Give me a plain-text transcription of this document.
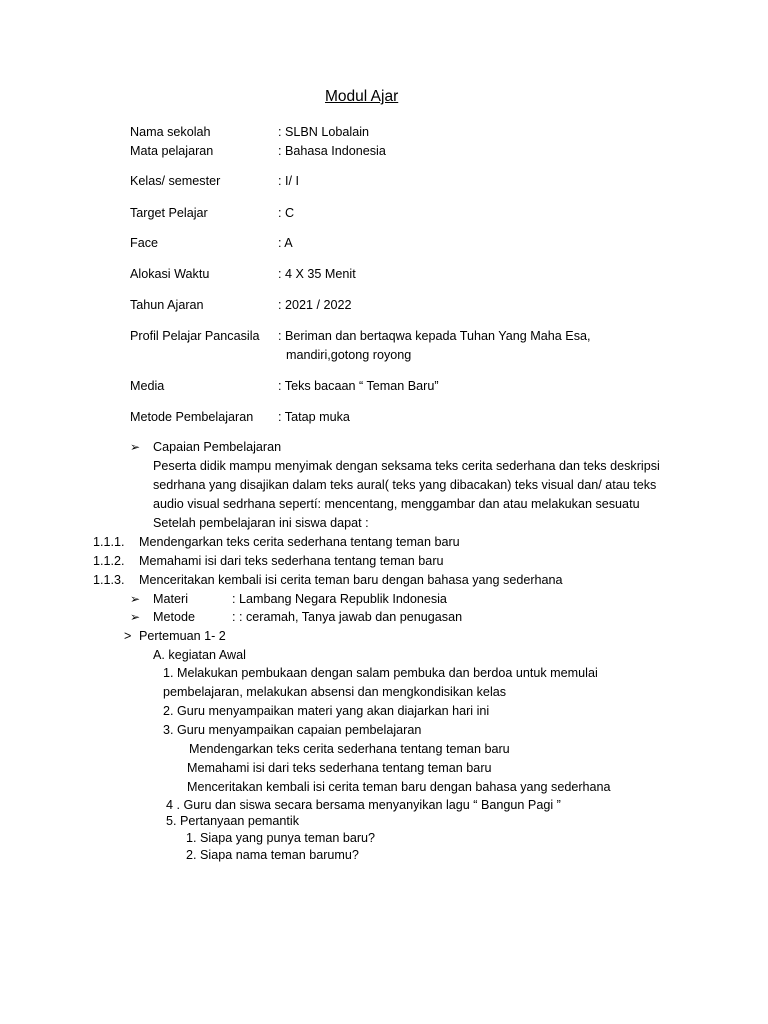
Modul Ajar
Nama sekolah	: SLBN Lobalain
Mata pelajaran	: Bahasa Indonesia
Kelas/ semester	: I/ I
Target Pelajar	: C
Face	: A
Alokasi Waktu	: 4 X 35 Menit
Tahun Ajaran	: 2021 / 2022
Profil Pelajar Pancasila : Beriman dan bertaqwa kepada Tuhan Yang Maha Esa,
mandiri,gotong royong
Media	: Teks bacaan “ Teman Baru”
Metode Pembelajaran : Tatap muka
➢ Capaian Pembelajaran
Peserta didik mampu menyimak dengan seksama teks cerita sederhana dan teks deskripsi
sedrhana yang disajikan dalam teks aural( teks yang dibacakan) teks visual dan/ atau teks
audio visual sedrhana sepertí: mencentang, menggambar dan atau melakukan sesuatu
Setelah pembelajaran ini siswa dapat :
1.1.1. Mendengarkan teks cerita sederhana tentang teman baru
1.1.2. Memahami isi dari teks sederhana tentang teman baru
1.1.3. Menceritakan kembali isi cerita teman baru dengan bahasa yang sederhana
➢ Materi	: Lambang Negara Republik Indonesia
➢ Metode	: : ceramah, Tanya jawab dan penugasan
> Pertemuan 1- 2
A. kegiatan Awal
1. Melakukan pembukaan dengan salam pembuka dan berdoa untuk memulai
pembelajaran, melakukan absensi dan mengkondisikan kelas
2. Guru menyampaikan materi yang akan diajarkan hari ini
3. Guru menyampaikan capaian pembelajaran
Mendengarkan teks cerita sederhana tentang teman baru
Memahami isi dari teks sederhana tentang teman baru
Menceritakan kembali isi cerita teman baru dengan bahasa yang sederhana
4 . Guru dan siswa secara bersama menyanyikan lagu “ Bangun Pagi ”
5. Pertanyaan pemantik
1. Siapa yang punya teman baru?
2. Siapa nama teman barumu?
